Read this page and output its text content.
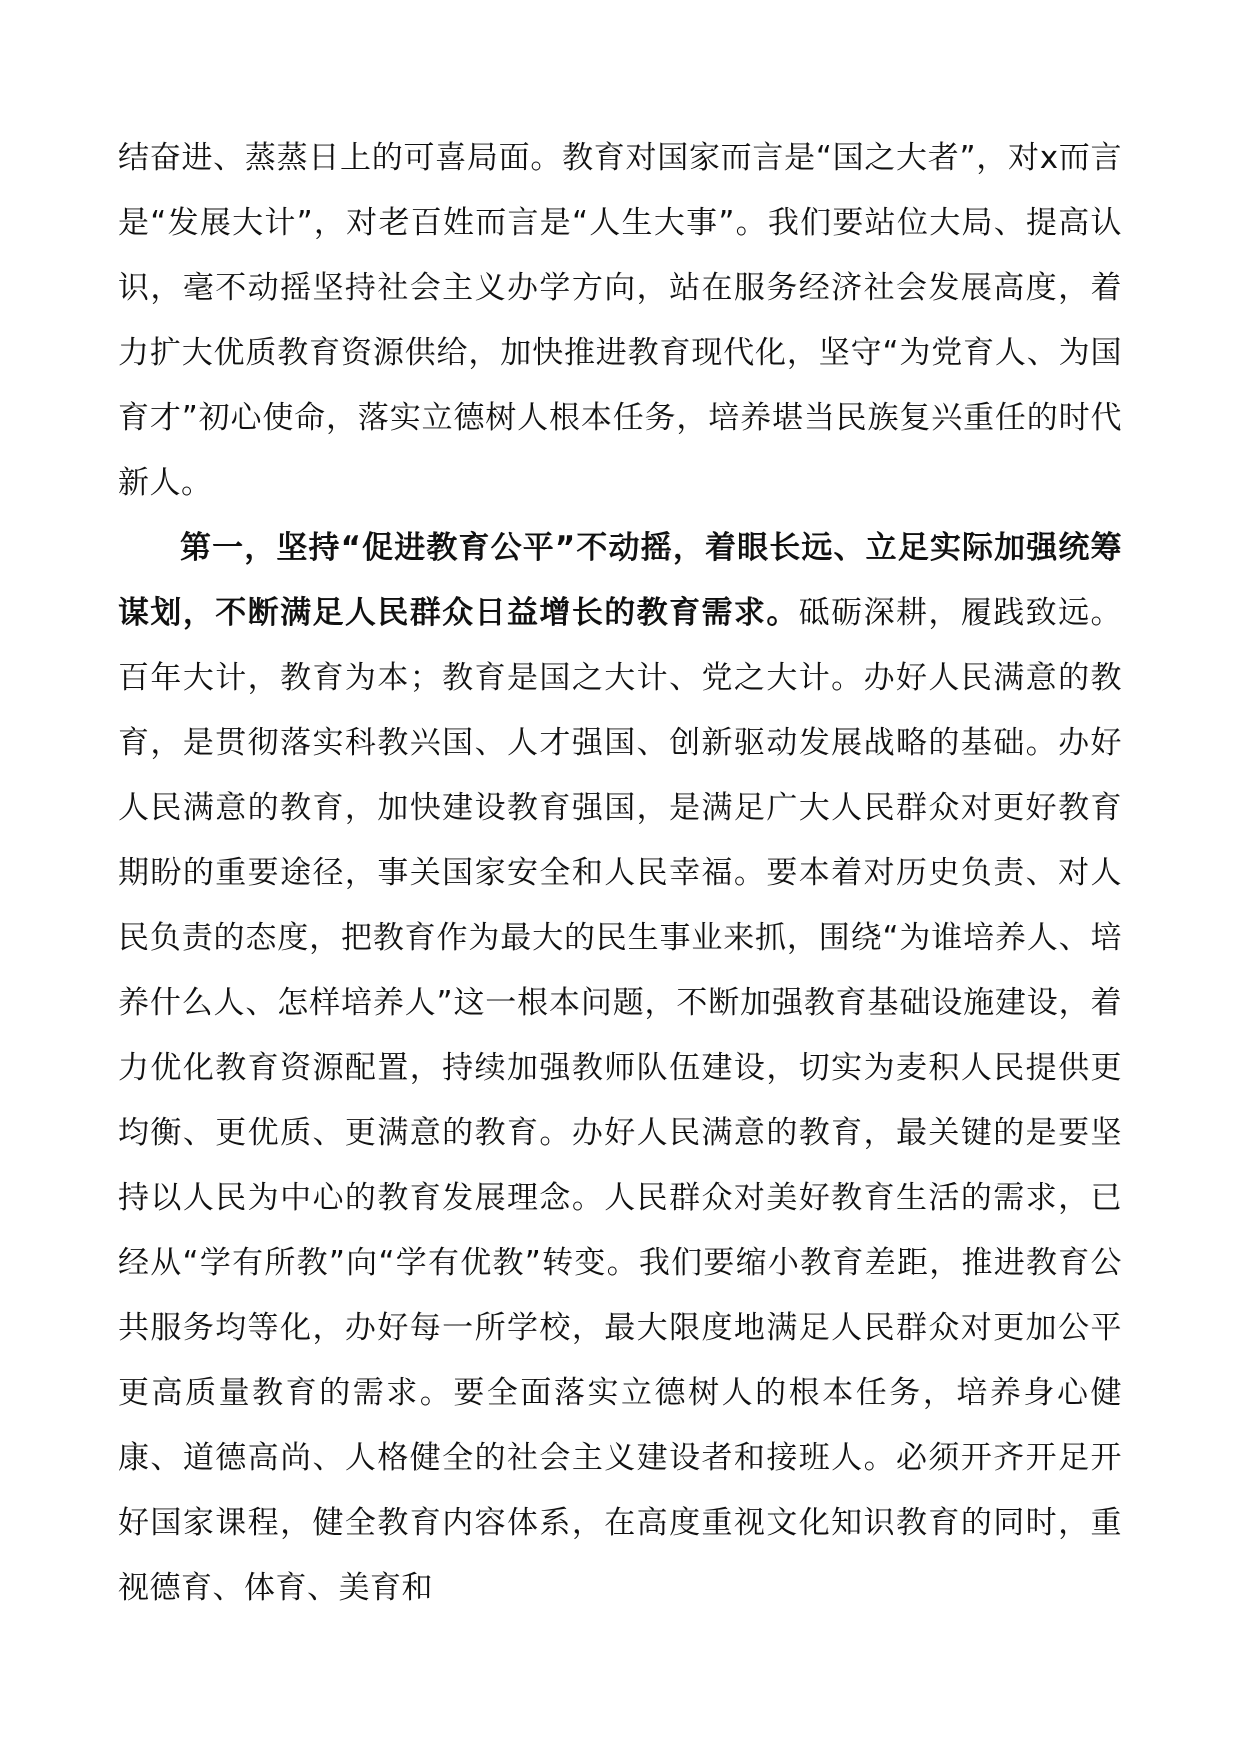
结奋进、蒸蒸日上的可喜局面。教育对国家而言是“国之大者”，对x而言是“发展大计”，对老百姓而言是“人生大事”。我们要站位大局、提高认识，毫不动摇坚持社会主义办学方向，站在服务经济社会发展高度，着力扩大优质教育资源供给，加快推进教育现代化，坚守“为党育人、为国育才”初心使命，落实立德树人根本任务，培养堪当民族复兴重任的时代新人。

第一，坚持“促进教育公平”不动摇，着眼长远、立足实际加强统筹谋划，不断满足人民群众日益增长的教育需求。砥砺深耕，履践致远。百年大计，教育为本；教育是国之大计、党之大计。办好人民满意的教育，是贯彻落实科教兴国、人才强国、创新驱动发展战略的基础。办好人民满意的教育，加快建设教育强国，是满足广大人民群众对更好教育期盼的重要途径，事关国家安全和人民幸福。要本着对历史负责、对人民负责的态度，把教育作为最大的民生事业来抓，围绕“为谁培养人、培养什么人、怎样培养人”这一根本问题，不断加强教育基础设施建设，着力优化教育资源配置，持续加强教师队伍建设，切实为麦积人民提供更均衡、更优质、更满意的教育。办好人民满意的教育，最关键的是要坚持以人民为中心的教育发展理念。人民群众对美好教育生活的需求，已经从“学有所教”向“学有优教”转变。我们要缩小教育差距，推进教育公共服务均等化，办好每一所学校，最大限度地满足人民群众对更加公平更高质量教育的需求。要全面落实立德树人的根本任务，培养身心健康、道德高尚、人格健全的社会主义建设者和接班人。必须开齐开足开好国家课程，健全教育内容体系，在高度重视文化知识教育的同时，重视德育、体育、美育和
